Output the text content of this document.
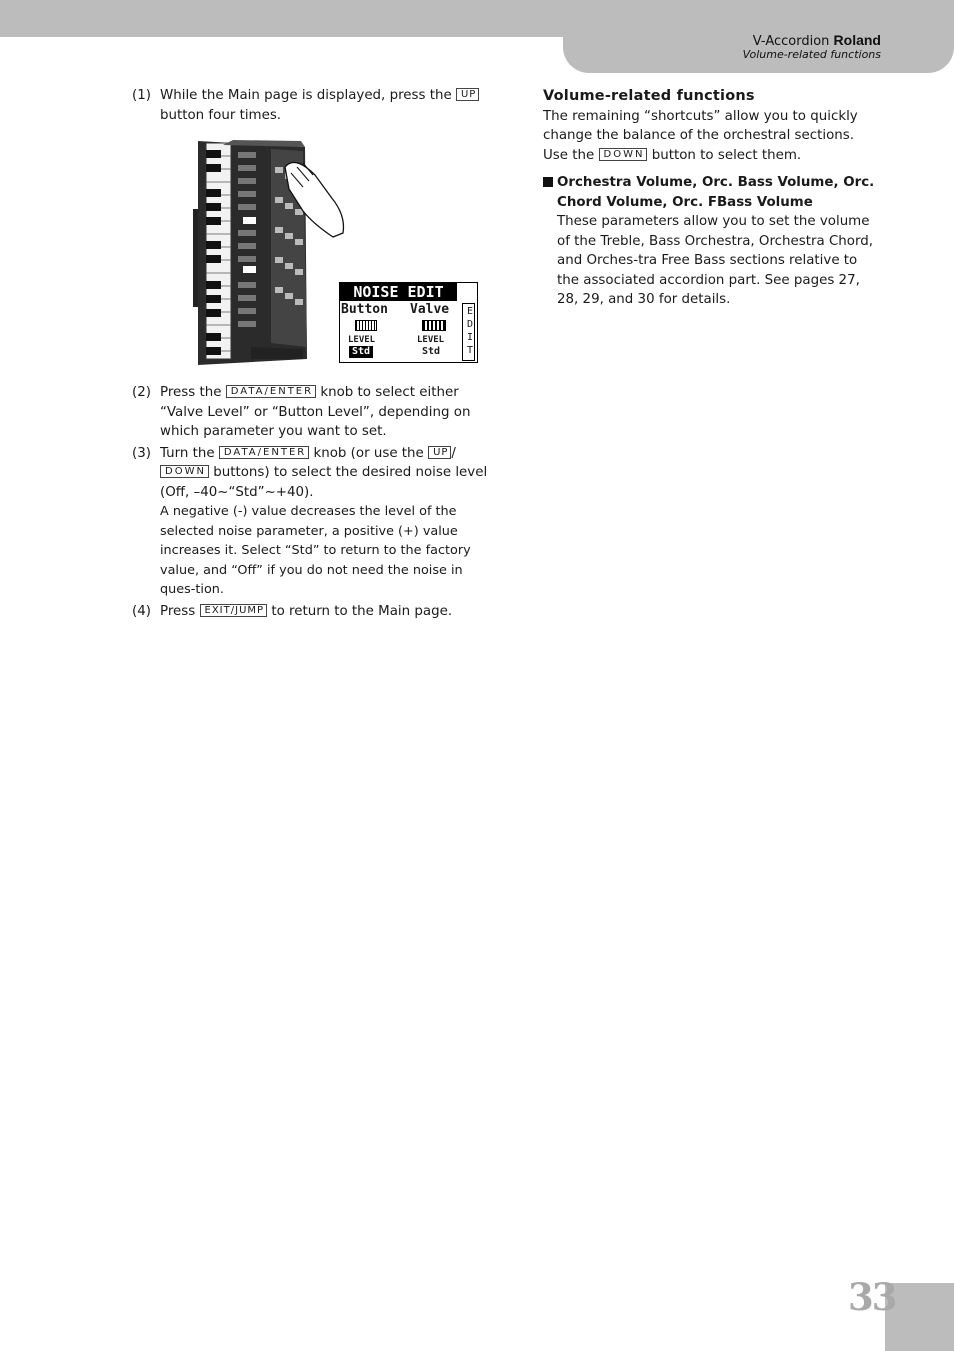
V-Accordion Roland
Volume-related functions
(1) While the Main page is displayed, press the UP button four times.
NOISE EDIT
EDIT
Button Valve
LEVEL	LEVEL
Std	Std
(2) Press the DATA/ENTER knob to select either “Valve Level” or “Button Level”, depending on which parameter you want to set.
(3) Turn the DATA/ENTER knob (or use the UP /DOWN buttons) to select the desired noise level (Off, –40~“Std”~+40).
A negative (-) value decreases the level of the selected noise parameter, a positive (+) value increases it. Select “Std” to return to the factory value, and “Off” if you do not need the noise in ques-tion.
(4) Press EXIT/JUMP to return to the Main page.
Volume-related functions
The remaining “shortcuts” allow you to quickly change the balance of the orchestral sections. Use the DOWN button to select them.
Orchestra Volume, Orc. Bass Volume, Orc. Chord Volume, Orc. FBass Volume
These parameters allow you to set the volume of the Treble, Bass Orchestra, Orchestra Chord, and Orches-tra Free Bass sections relative to the associated accordion part. See pages 27, 28, 29, and 30 for details.
33
